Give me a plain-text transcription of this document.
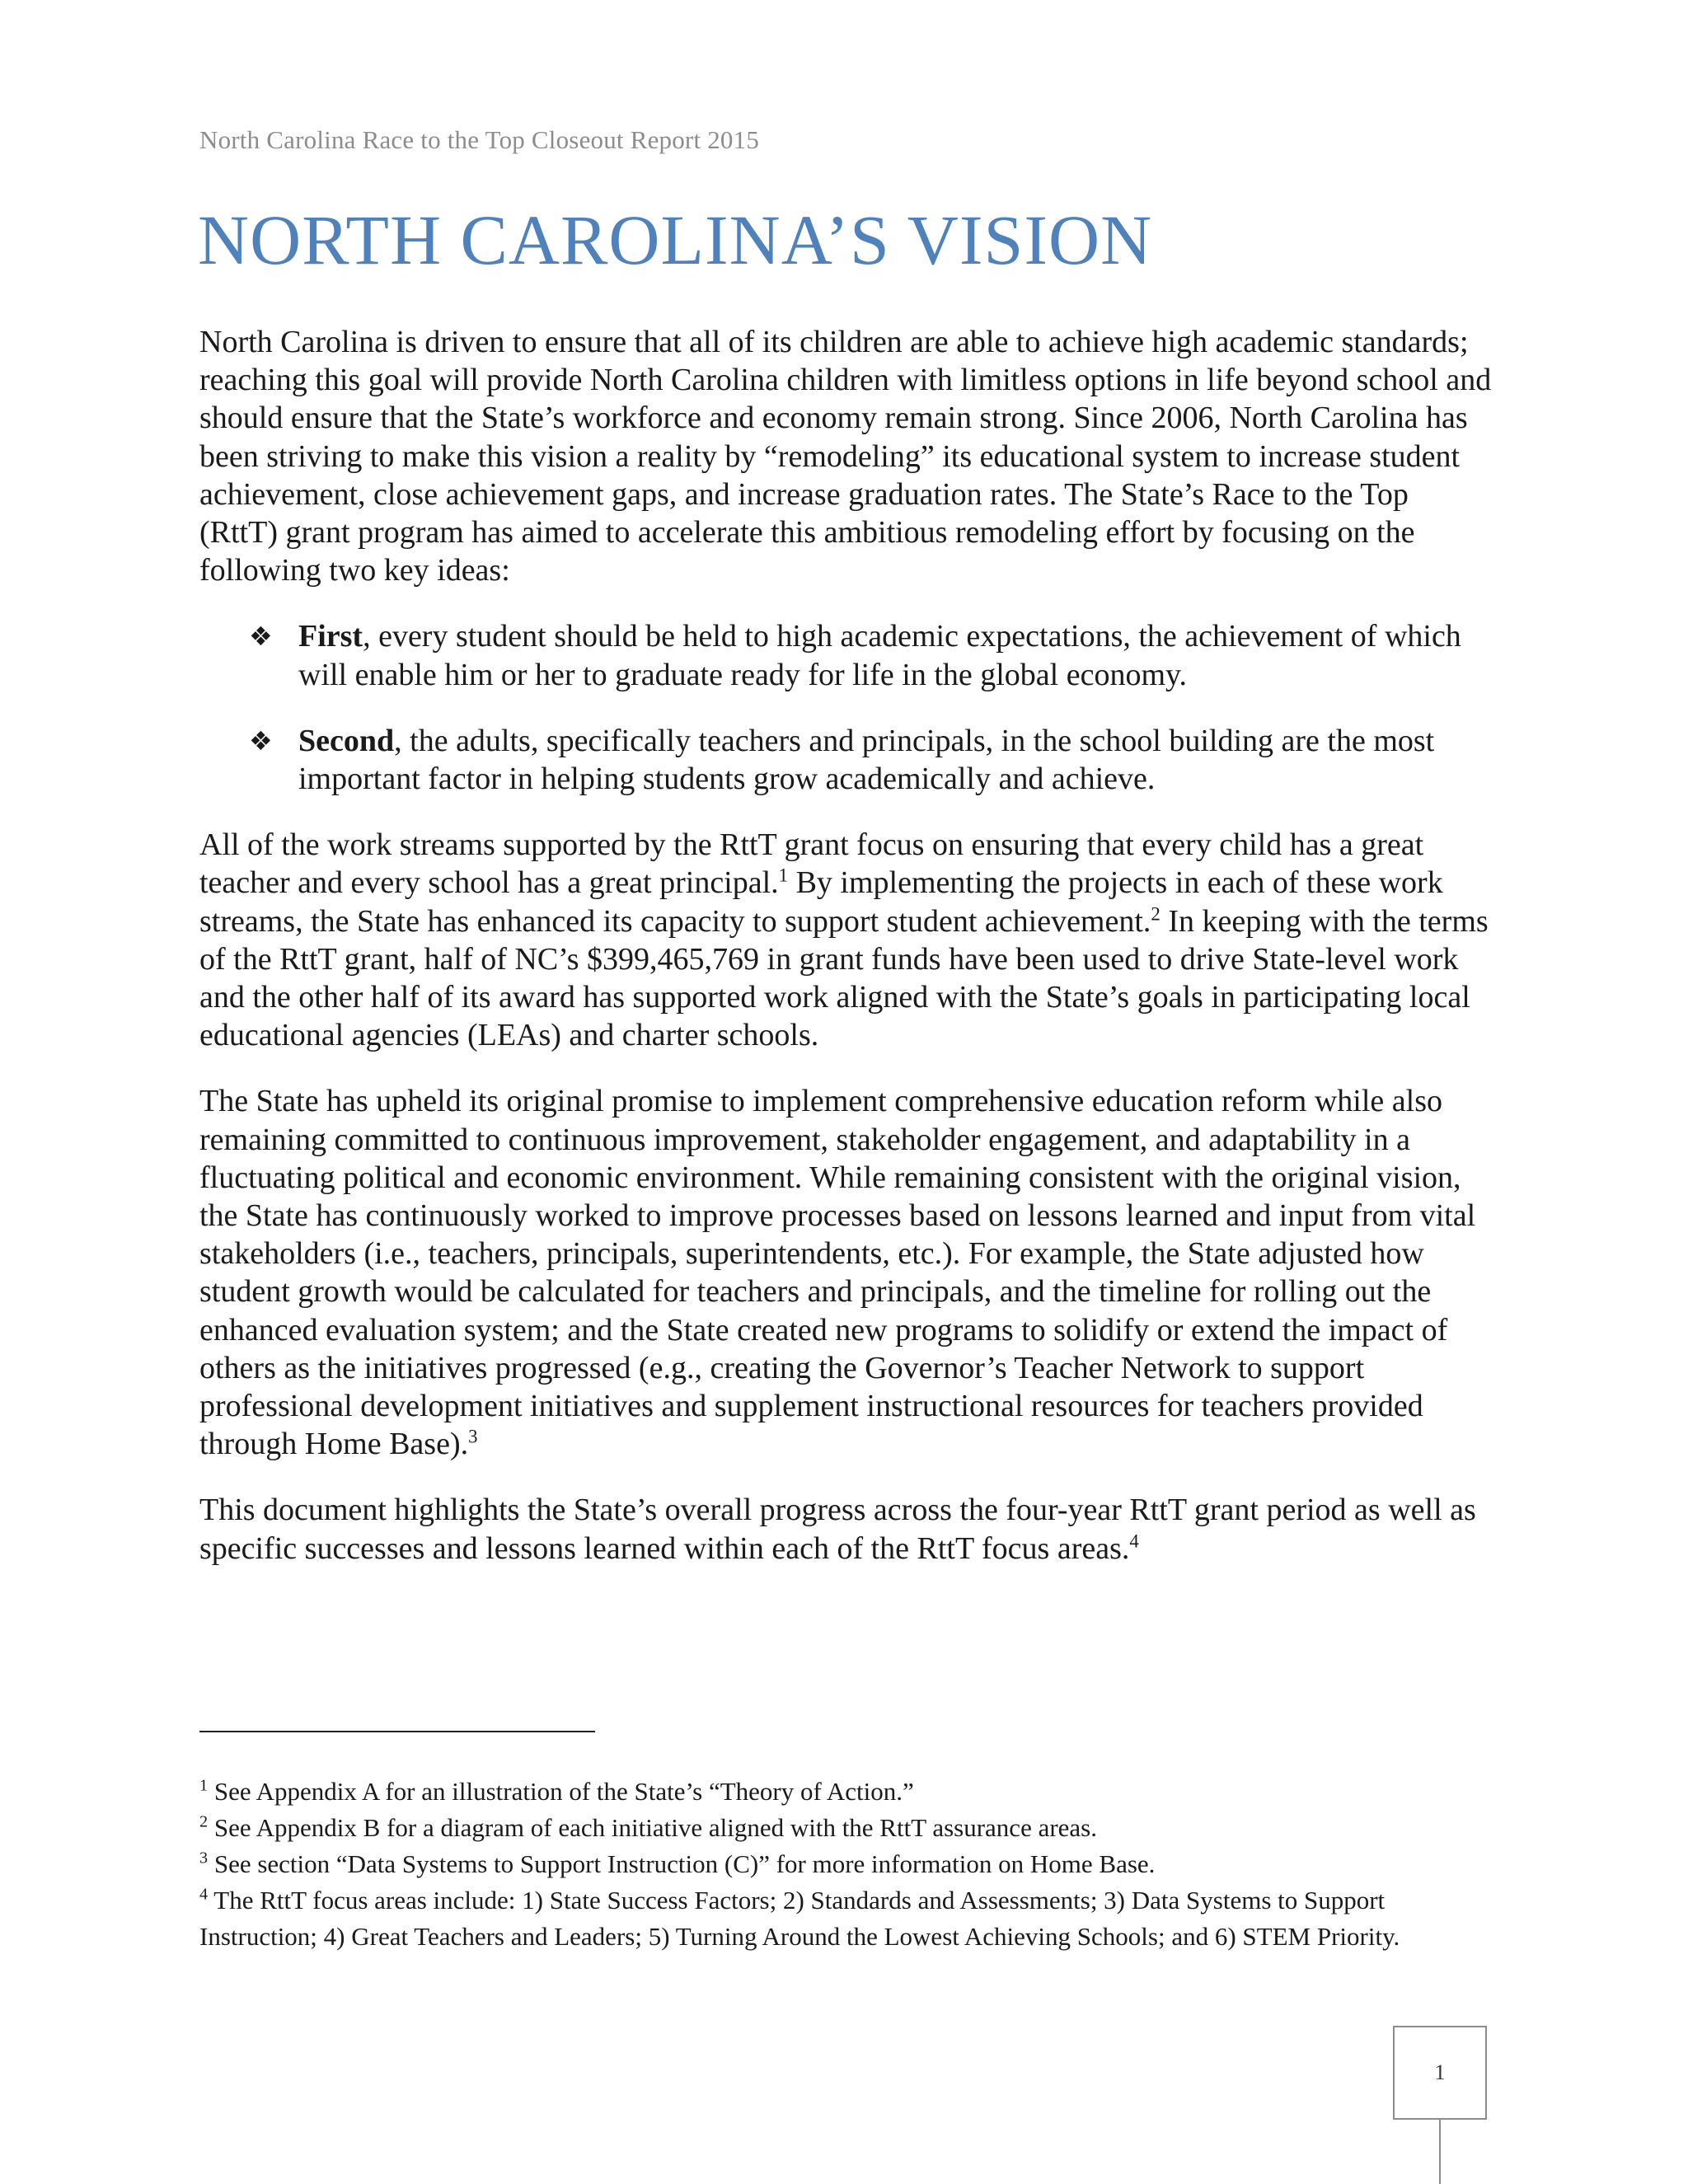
North Carolina Race to the Top Closeout Report 2015
NORTH CAROLINA’S VISION

North Carolina is driven to ensure that all of its children are able to achieve high academic standards; reaching this goal will provide North Carolina children with limitless options in life beyond school and should ensure that the State’s workforce and economy remain strong. Since 2006, North Carolina has been striving to make this vision a reality by “remodeling” its educational system to increase student achievement, close achievement gaps, and increase graduation rates. The State’s Race to the Top (RttT) grant program has aimed to accelerate this ambitious remodeling effort by focusing on the following two key ideas:

❖ First, every student should be held to high academic expectations, the achievement of which will enable him or her to graduate ready for life in the global economy.
❖ Second, the adults, specifically teachers and principals, in the school building are the most important factor in helping students grow academically and achieve.

All of the work streams supported by the RttT grant focus on ensuring that every child has a great teacher and every school has a great principal.$^1$ By implementing the projects in each of these work streams, the State has enhanced its capacity to support student achievement.$^2$ In keeping with the terms of the RttT grant, half of NC’s $399,465,769 in grant funds have been used to drive State-level work and the other half of its award has supported work aligned with the State’s goals in participating local educational agencies (LEAs) and charter schools.

The State has upheld its original promise to implement comprehensive education reform while also remaining committed to continuous improvement, stakeholder engagement, and adaptability in a fluctuating political and economic environment. While remaining consistent with the original vision, the State has continuously worked to improve processes based on lessons learned and input from vital stakeholders (i.e., teachers, principals, superintendents, etc.). For example, the State adjusted how student growth would be calculated for teachers and principals, and the timeline for rolling out the enhanced evaluation system; and the State created new programs to solidify or extend the impact of others as the initiatives progressed (e.g., creating the Governor’s Teacher Network to support professional development initiatives and supplement instructional resources for teachers provided through Home Base).$^3$

This document highlights the State’s overall progress across the four-year RttT grant period as well as specific successes and lessons learned within each of the RttT focus areas.$^4$

$^1$ See Appendix A for an illustration of the State’s “Theory of Action.”

$^2$ See Appendix B for a diagram of each initiative aligned with the RttT assurance areas.

$^3$ See section “Data Systems to Support Instruction (C)” for more information on Home Base.

$^4$ The RttT focus areas include: 1) State Success Factors; 2) Standards and Assessments; 3) Data Systems to Support Instruction; 4) Great Teachers and Leaders; 5) Turning Around the Lowest Achieving Schools; and 6) STEM Priority.

1
